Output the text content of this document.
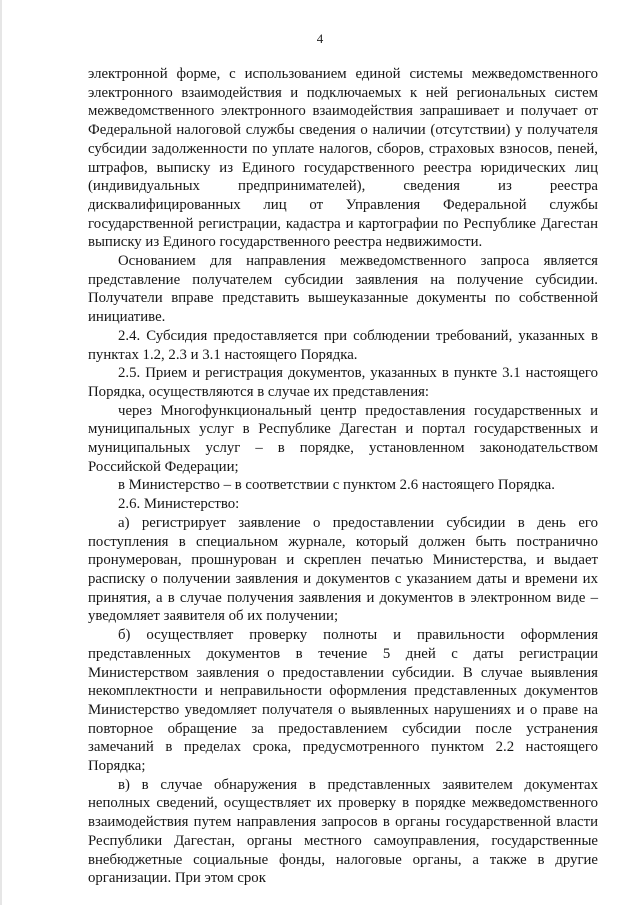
4

электронной форме, с использованием единой системы межведомственного электронного взаимодействия и подключаемых к ней региональных систем межведомственного электронного взаимодействия запрашивает и получает от Федеральной налоговой службы сведения о наличии (отсутствии) у получателя субсидии задолженности по уплате налогов, сборов, страховых взносов, пеней, штрафов, выписку из Единого государственного реестра юридических лиц (индивидуальных предпринимателей), сведения из реестра дисквалифицированных лиц от Управления Федеральной службы государственной регистрации, кадастра и картографии по Республике Дагестан выписку из Единого государственного реестра недвижимости.

Основанием для направления межведомственного запроса является представление получателем субсидии заявления на получение субсидии. Получатели вправе представить вышеуказанные документы по собственной инициативе.

2.4. Субсидия предоставляется при соблюдении требований, указанных в пунктах 1.2, 2.3 и 3.1 настоящего Порядка.

2.5. Прием и регистрация документов, указанных в пункте 3.1 настоящего Порядка, осуществляются в случае их представления:

через Многофункциональный центр предоставления государственных и муниципальных услуг в Республике Дагестан и портал государственных и муниципальных услуг – в порядке, установленном законодательством Российской Федерации;

в Министерство – в соответствии с пунктом 2.6 настоящего Порядка.

2.6. Министерство:

а) регистрирует заявление о предоставлении субсидии в день его поступления в специальном журнале, который должен быть постранично пронумерован, прошнурован и скреплен печатью Министерства, и выдает расписку о получении заявления и документов с указанием даты и времени их принятия, а в случае получения заявления и документов в электронном виде – уведомляет заявителя об их получении;

б) осуществляет проверку полноты и правильности оформления представленных документов в течение 5 дней с даты регистрации Министерством заявления о предоставлении субсидии. В случае выявления некомплектности и неправильности оформления представленных документов Министерство уведомляет получателя о выявленных нарушениях и о праве на повторное обращение за предоставлением субсидии после устранения замечаний в пределах срока, предусмотренного пунктом 2.2 настоящего Порядка;

в) в случае обнаружения в представленных заявителем документах неполных сведений, осуществляет их проверку в порядке межведомственного взаимодействия путем направления запросов в органы государственной власти Республики Дагестан, органы местного самоуправления, государственные внебюджетные социальные фонды, налоговые органы, а также в другие организации. При этом срок
